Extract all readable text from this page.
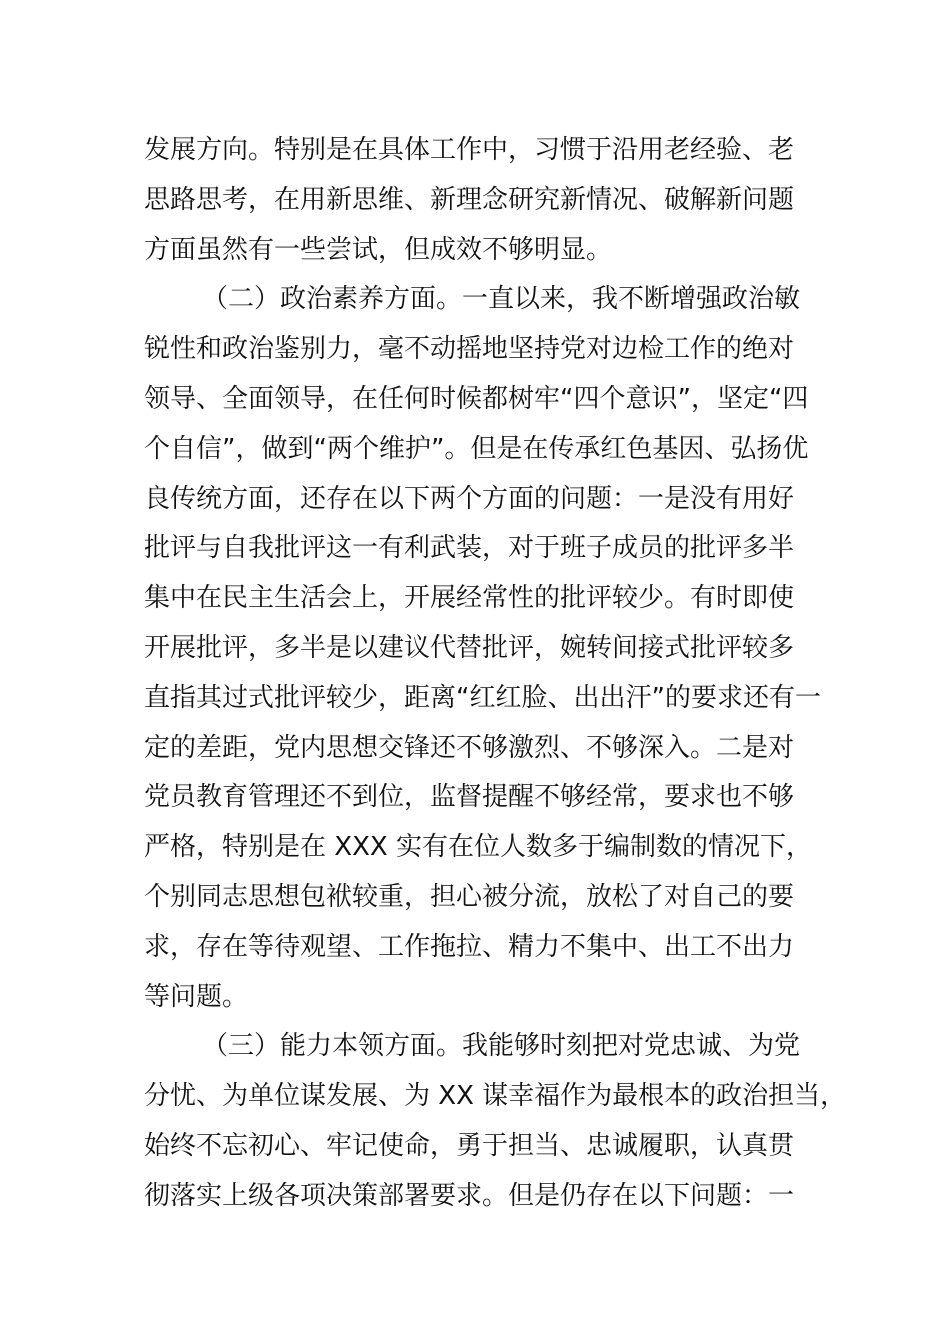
发展方向。特别是在具体工作中，习惯于沿用老经验、老
思路思考，在用新思维、新理念研究新情况、破解新问题
方面虽然有一些尝试，但成效不够明显。
（二）政治素养方面。一直以来，我不断增强政治敏
锐性和政治鉴别力，毫不动摇地坚持党对边检工作的绝对
领导、全面领导，在任何时候都树牢“四个意识”，坚定“四
个自信”，做到“两个维护”。但是在传承红色基因、弘扬优
良传统方面，还存在以下两个方面的问题：一是没有用好
批评与自我批评这一有利武装，对于班子成员的批评多半
集中在民主生活会上，开展经常性的批评较少。有时即使
开展批评，多半是以建议代替批评，婉转间接式批评较多
直指其过式批评较少，距离“红红脸、出出汗”的要求还有一
定的差距，党内思想交锋还不够激烈、不够深入。二是对
党员教育管理还不到位，监督提醒不够经常，要求也不够
严格，特别是在 XXX 实有在位人数多于编制数的情况下，
个别同志思想包袱较重，担心被分流，放松了对自己的要
求，存在等待观望、工作拖拉、精力不集中、出工不出力
等问题。
（三）能力本领方面。我能够时刻把对党忠诚、为党
分忧、为单位谋发展、为 XX 谋幸福作为最根本的政治担当，
始终不忘初心、牢记使命，勇于担当、忠诚履职，认真贯
彻落实上级各项决策部署要求。但是仍存在以下问题：一
